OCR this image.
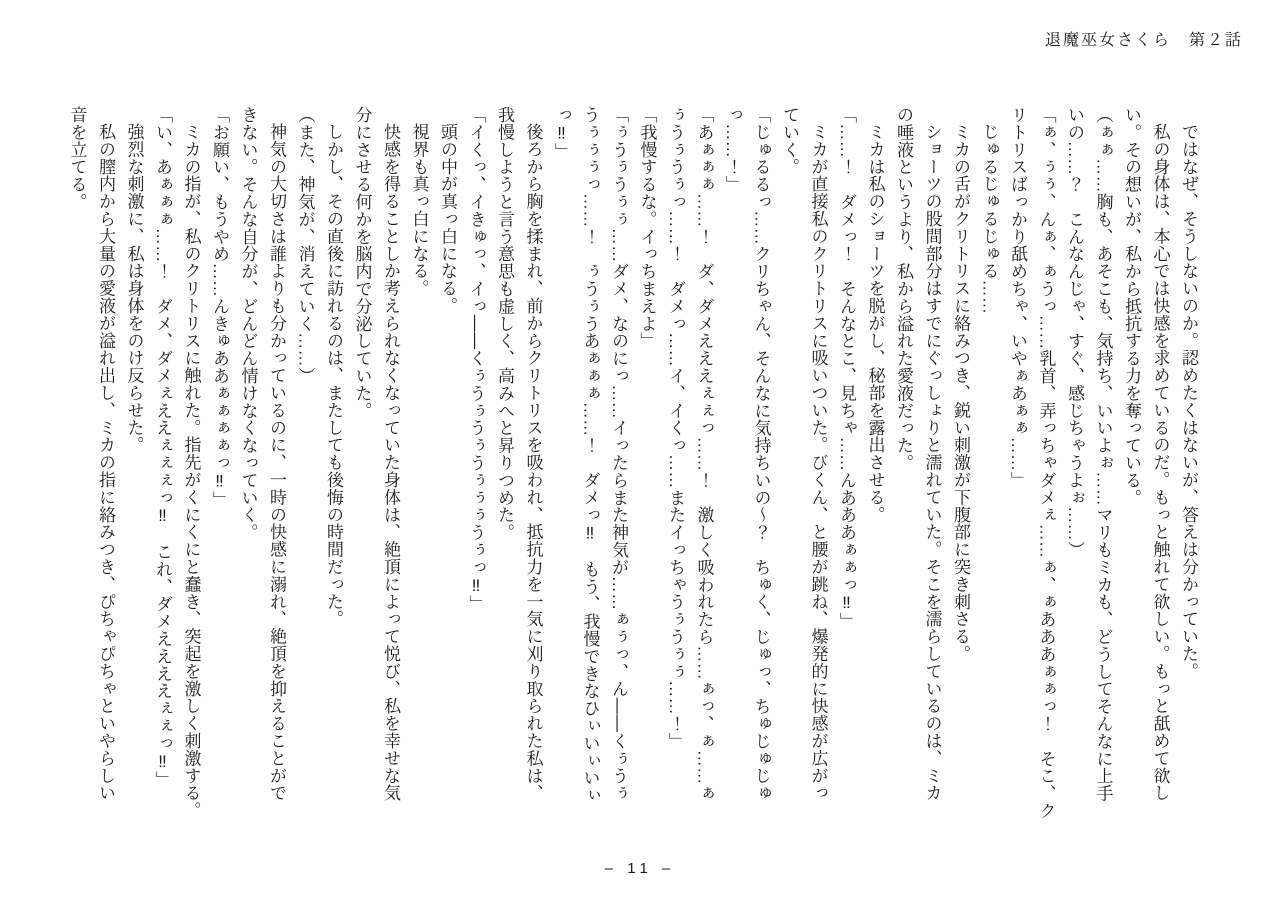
退魔巫女さくら　第２話

ではなぜ、そうしないのか。認めたくはないが、答えは分かっていた。

私の身体は、本心では快感を求めているのだ。もっと触れて欲しい。もっと舐めて欲し

い。その想いが、私から抵抗する力を奪っている。

（ぁぁ……胸も、あそこも、気持ち、いいよぉ……マリもミカも、どうしてそんなに上手

いの……？　こんなんじゃ、すぐ、感じちゃうよぉ……）

「ぁ、ぅぅ、んぁ、ぁうっ……乳首、弄っちゃダメぇ……ぁ、ぁあああぁぁっ！　そこ、ク

リトリスばっかり舐めちゃ、いやぁあぁぁ……」

じゅるじゅるじゅる……

ミカの舌がクリトリスに絡みつき、鋭い刺激が下腹部に突き刺さる。

ショーツの股間部分はすでにぐっしょりと濡れていた。そこを濡らしているのは、ミカ

の唾液というより、私から溢れた愛液だった。

ミカは私のショーツを脱がし、秘部を露出させる。

「……！　ダメっ！　そんなとこ、見ちゃ……んあああぁぁっ‼」

ミカが直接私のクリトリスに吸いついた。びくん、と腰が跳ね、爆発的に快感が広がっ

ていく。

「じゅるるっ……クリちゃん、そんなに気持ちいの～？　ちゅく、じゅっ、ちゅじゅじゅ

っ……！」

「あぁぁぁ……！　ダ、ダメえええぇぇっ……！　激しく吸われたら……ぁっ、ぁ……ぁ

ぅうぅうぅっ……！　ダメっ……イ、イくっ……またイっちゃうぅうぅぅ……！」

「我慢するな。イっちまえよ」

「ぅうぅうぅぅ……ダメ、なのにっ……イったらまた神気が……ぁぅっ、ん——くぅうぅ

うぅぅぅっ……！　ぅうぅうあぁぁぁ……！　ダメっ‼　もう、我慢できなひぃいぃいぃ

っ‼」

後ろから胸を揉まれ、前からクリトリスを吸われ、抵抗力を一気に刈り取られた私は、

我慢しようと言う意思も虚しく、高みへと昇りつめた。

「イくっ、イきゅっ、イっ——くぅうぅうぅうぅぅぅうぅっ‼」

頭の中が真っ白になる。

視界も真っ白になる。

快感を得ることしか考えられなくなっていた身体は、絶頂によって悦び、私を幸せな気

分にさせる何かを脳内で分泌していた。

しかし、その直後に訪れるのは、またしても後悔の時間だった。

（また、神気が、消えていく……）

神気の大切さは誰よりも分かっているのに、一時の快感に溺れ、絶頂を抑えることがで

きない。そんな自分が、どんどん情けなくなっていく。

「お願い、もうやめ……んきゅああぁぁぁぁっ‼」

ミカの指が、私のクリトリスに触れた。指先がくにくにと蠢き、突起を激しく刺激する。

「い、あぁぁぁ……！　ダメ、ダメぇええぇぇぇっ‼　これ、ダメええええぇぇっ‼」

強烈な刺激に、私は身体をのけ反らせた。

私の膣内から大量の愛液が溢れ出し、ミカの指に絡みつき、ぴちゃぴちゃといやらしい

音を立てる。

– 11 –
